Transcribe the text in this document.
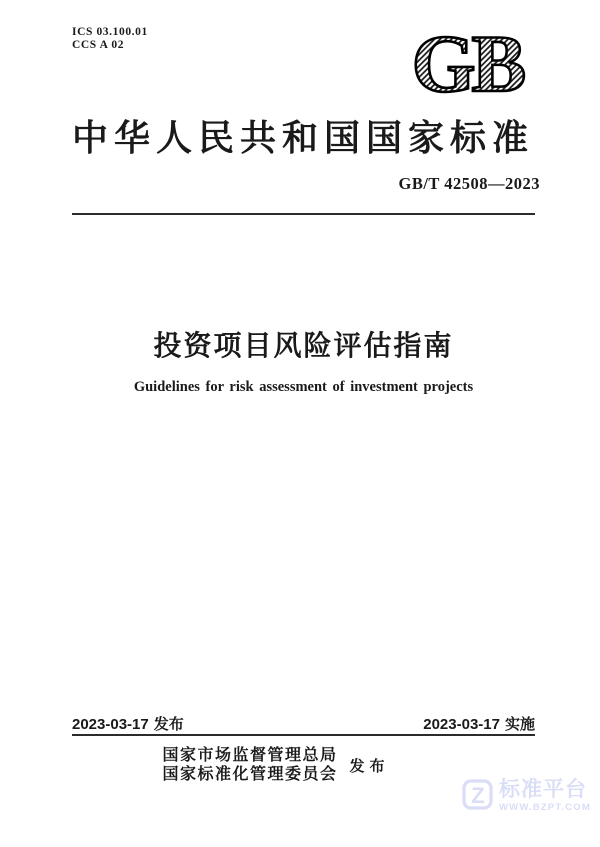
ICS 03.100.01
CCS A 02	GB
中华人民共和国国家标准
GB/T 42508—2023
投资项目风险评估指南
Guidelines for risk assessment of investment projects
2023-03-17 发布	2023-03-17 实施
国家市场监督管理总局
国家标准化管理委员会 发布
Z 标准平台
WWW.BZPT.COM
